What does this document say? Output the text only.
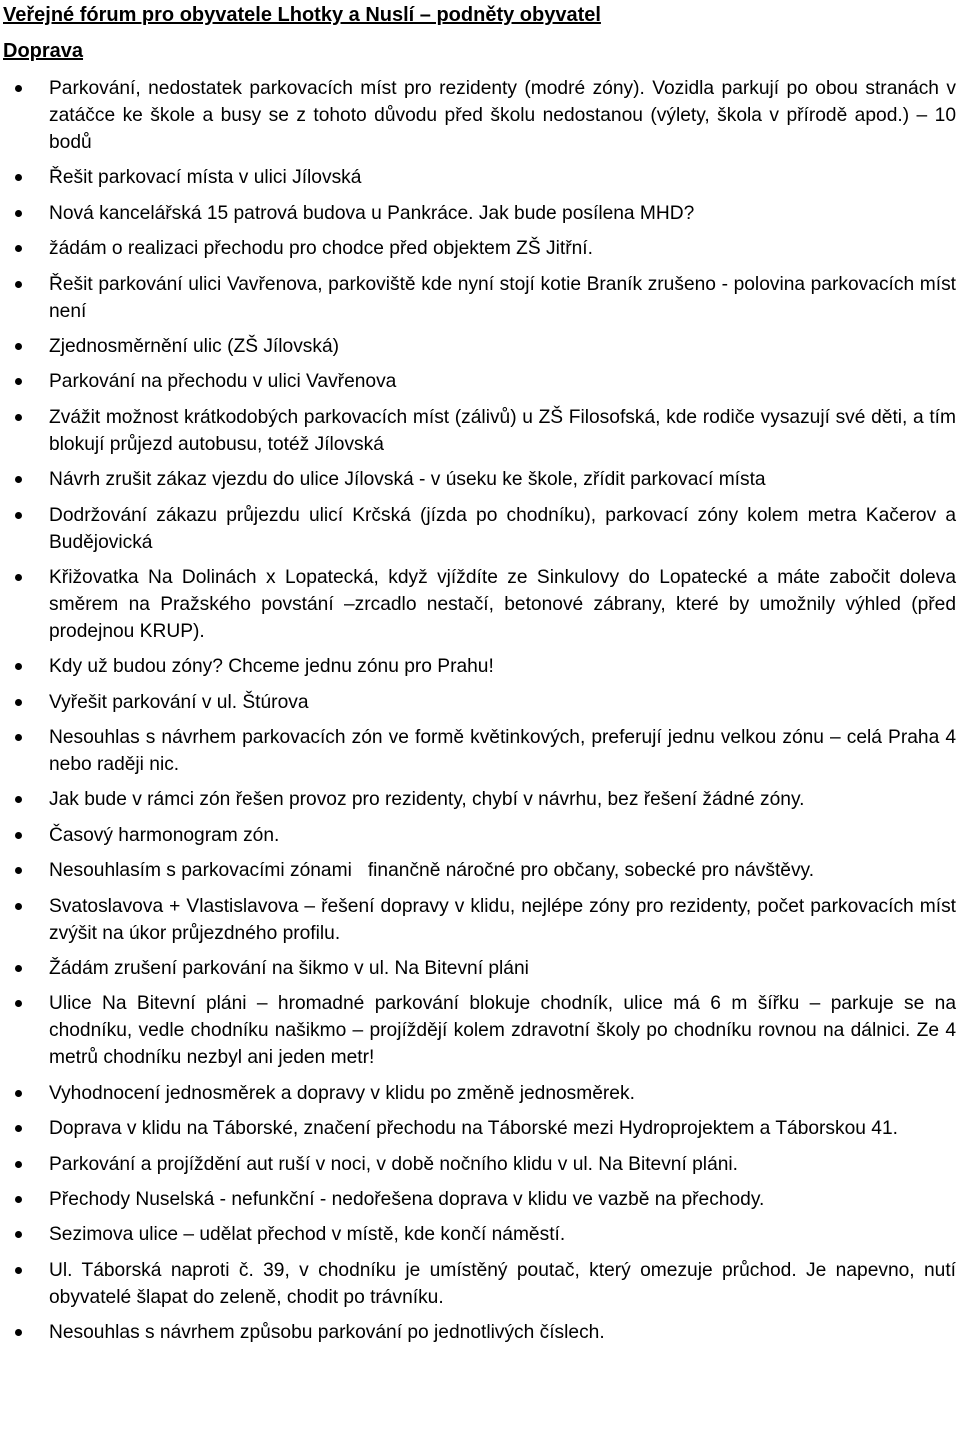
Veřejné fórum pro obyvatele Lhotky a Nuslí – podněty obyvatel
Doprava
Parkování, nedostatek parkovacích míst pro rezidenty (modré zóny). Vozidla parkují po obou stranách v zatáčce ke škole a busy se z tohoto důvodu před školu nedostanou (výlety, škola v přírodě apod.) – 10 bodů
Řešit parkovací místa v ulici Jílovská
Nová kancelářská 15 patrová budova u Pankráce. Jak bude posílena MHD?
žádám o realizaci přechodu pro chodce před objektem ZŠ Jitřní.
Řešit parkování ulici Vavřenova, parkoviště kde nyní stojí kotie Braník zrušeno - polovina parkovacích míst není
Zjednosměrnění ulic (ZŠ Jílovská)
Parkování na přechodu v ulici Vavřenova
Zvážit možnost krátkodobých parkovacích míst (zálivů) u ZŠ Filosofská, kde rodiče vysazují své děti, a tím blokují průjezd autobusu, totéž Jílovská
Návrh zrušit zákaz vjezdu do ulice Jílovská - v úseku ke škole, zřídit parkovací místa
Dodržování zákazu průjezdu ulicí Krčská (jízda po chodníku), parkovací zóny kolem metra Kačerov a Budějovická
Křižovatka Na Dolinách x Lopatecká, když vjíždíte ze Sinkulovy do Lopatecké a máte zabočit doleva směrem na Pražského povstání –zrcadlo nestačí, betonové zábrany, které by umožnily výhled (před prodejnou KRUP).
Kdy už budou zóny? Chceme jednu zónu pro Prahu!
Vyřešit parkování v ul. Štúrova
Nesouhlas s návrhem parkovacích zón ve formě květinkových, preferují jednu velkou zónu – celá Praha 4 nebo raději nic.
Jak bude v rámci zón řešen provoz pro rezidenty, chybí v návrhu, bez řešení žádné zóny.
Časový harmonogram zón.
Nesouhlasím s parkovacími zónami   finančně náročné pro občany, sobecké pro návštěvy.
Svatoslavova + Vlastislavova – řešení dopravy v klidu, nejlépe zóny pro rezidenty, počet parkovacích míst zvýšit na úkor průjezdného profilu.
Žádám zrušení parkování na šikmo v ul. Na Bitevní pláni
Ulice Na Bitevní pláni – hromadné parkování blokuje chodník, ulice má 6 m šířku – parkuje se na chodníku, vedle chodníku našikmo – projíždějí kolem zdravotní školy po chodníku rovnou na dálnici. Ze 4 metrů chodníku nezbyl ani jeden metr!
Vyhodnocení jednosměrek a dopravy v klidu po změně jednosměrek.
Doprava v klidu na Táborské, značení přechodu na Táborské mezi Hydroprojektem a Táborskou 41.
Parkování a projíždění aut ruší v noci, v době nočního klidu v ul. Na Bitevní pláni.
Přechody Nuselská - nefunkční - nedořešena doprava v klidu ve vazbě na přechody.
Sezimova ulice – udělat přechod v místě, kde končí náměstí.
Ul. Táborská naproti č. 39, v chodníku je umístěný poutač, který omezuje průchod. Je napevno, nutí obyvatelé šlapat do zeleně, chodit po trávníku.
Nesouhlas s návrhem způsobu parkování po jednotlivých číslech.
